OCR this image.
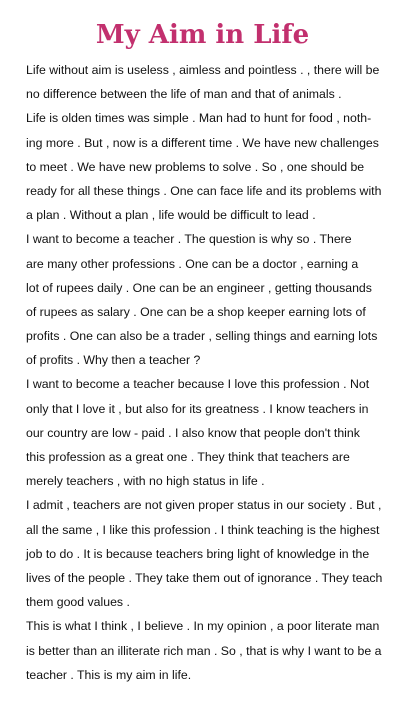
My Aim in Life
Life without aim is useless , aimless and pointless . , there will be
no difference between the life of man and that of animals .
Life is olden times was simple . Man had to hunt for food , noth-
ing more . But , now is a different time . We have new challenges
to meet . We have new problems to solve . So , one should be
ready for all these things . One can face life and its problems with
a plan . Without a plan , life would be difficult to lead .
I want to become a teacher . The question is why so . There
are many other professions . One can be a doctor , earning a
lot of rupees daily . One can be an engineer , getting thousands
of rupees as salary . One can be a shop keeper earning lots of
profits . One can also be a trader , selling things and earning lots
of profits . Why then a teacher ?
I want to become a teacher because I love this profession . Not
only that I love it , but also for its greatness . I know teachers in
our country are low - paid . I also know that people don't think
this profession as a great one . They think that teachers are
merely teachers , with no high status in life .
I admit , teachers are not given proper status in our society . But ,
all the same , I like this profession . I think teaching is the highest
job to do . It is because teachers bring light of knowledge in the
lives of the people . They take them out of ignorance . They teach
them good values .
This is what I think , I believe . In my opinion , a poor literate man
is better than an illiterate rich man . So , that is why I want to be a
teacher . This is my aim in life.
